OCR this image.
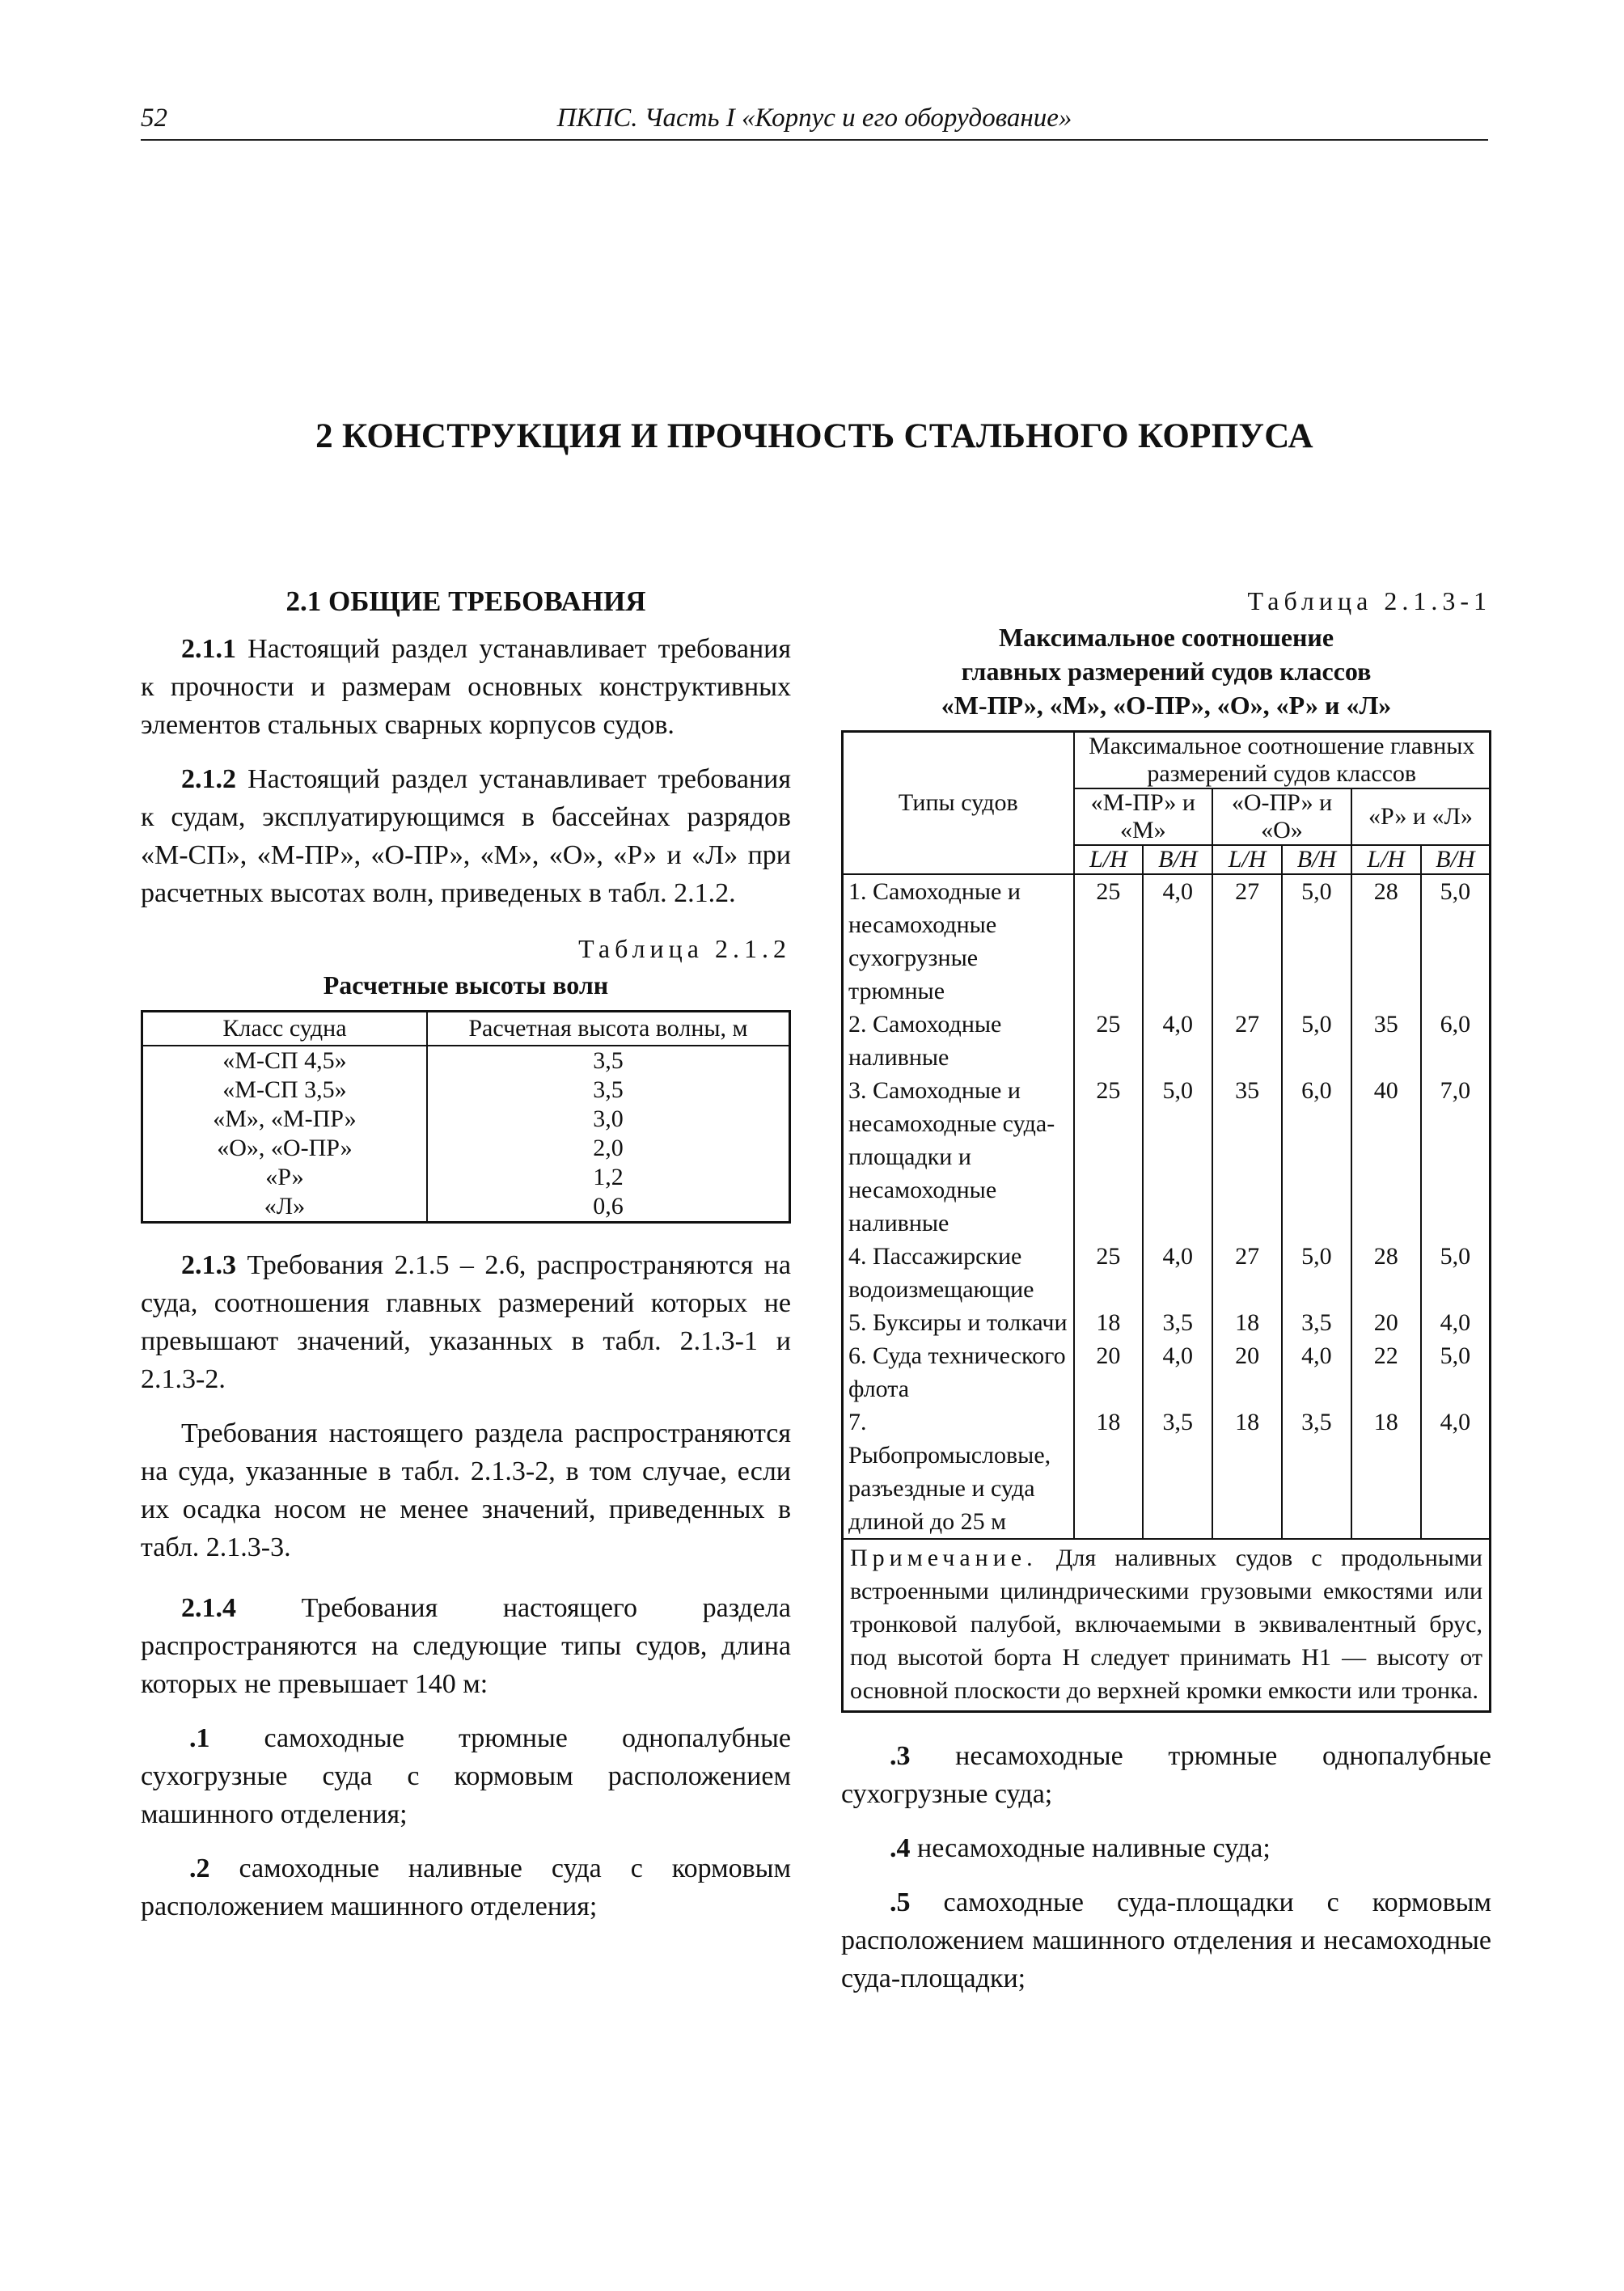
52	ПКПС. Часть I «Корпус и его оборудование»
2 КОНСТРУКЦИЯ И ПРОЧНОСТЬ СТАЛЬНОГО КОРПУСА
2.1 ОБЩИЕ ТРЕБОВАНИЯ

2.1.1 Настоящий раздел устанавливает требования к прочности и размерам основных конструктивных элементов стальных сварных корпусов судов.

2.1.2 Настоящий раздел устанавливает требования к судам, эксплуатирующимся в бассейнах разрядов «М-СП», «М-ПР», «О-ПР», «М», «О», «Р» и «Л» при расчетных высотах волн, приведеных в табл. 2.1.2.

Таблица 2.1.2
Расчетные высоты волн
Класс судна	Расчетная высота волны, м
«М-СП 4,5»	3,5
«М-СП 3,5»	3,5
«М», «М-ПР»	3,0
«О», «О-ПР»	2,0
«Р»	1,2
«Л»	0,6

2.1.3 Требования 2.1.5 – 2.6, распространяются на суда, соотношения главных размерений которых не превышают значений, указанных в табл. 2.1.3-1 и 2.1.3-2.

Требования настоящего раздела распространяются на суда, указанные в табл. 2.1.3-2, в том случае, если их осадка носом не менее значений, приведенных в табл. 2.1.3-3.

2.1.4 Требования настоящего раздела распространяются на следующие типы судов, длина которых не превышает 140 м:

.1 самоходные трюмные однопалубные сухогрузные суда с кормовым расположением машинного отделения;

.2 самоходные наливные суда с кормовым расположением машинного отделения;

Таблица 2.1.3-1
Максимальное соотношение
главных размерений судов классов
«М-ПР», «М», «О-ПР», «О», «Р» и «Л»
Типы судов	Максимальное соотношение главных размерений судов классов					
	«М-ПР» и «М»		«О-ПР» и «О»		«Р» и «Л»	
	L/H	B/H	L/H	B/H	L/H	B/H
1. Самоходные и несамоходные сухогрузные трюмные	25	4,0	27	5,0	28	5,0
2. Самоходные наливные	25	4,0	27	5,0	35	6,0
3. Самоходные и несамоходные суда-площадки и несамоходные наливные	25	5,0	35	6,0	40	7,0
4. Пассажирские водоизмещающие	25	4,0	27	5,0	28	5,0
5. Буксиры и толкачи	18	3,5	18	3,5	20	4,0
6. Суда технического флота	20	4,0	20	4,0	22	5,0
7. Рыбопромысловые, разъездные и суда длиной до 25 м	18	3,5	18	3,5	18	4,0
Примечание. Для наливных судов с продольными встроенными цилиндрическими грузовыми емкостями или тронковой палубой, включаемыми в эквивалентный брус, под высотой борта H следует принимать H1 — высоту от основной плоскости до верхней кромки емкости или тронка.						

.3 несамоходные трюмные однопалубные сухогрузные суда;

.4 несамоходные наливные суда;

.5 самоходные суда-площадки с кормовым расположением машинного отделения и несамоходные суда-площадки;
